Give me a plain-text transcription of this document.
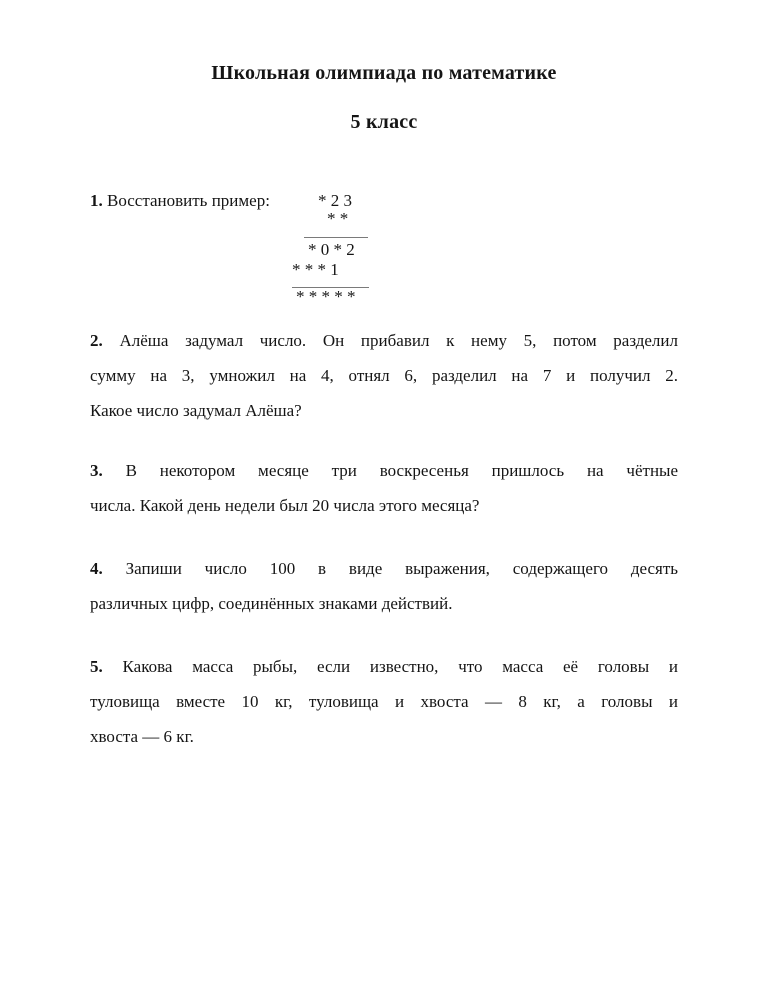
Школьная олимпиада по математике
5 класс
1. Восстановить пример:	* 2 3
* *
* 0 * 2
* * * 1
* * * * *
2. Алёша задумал число. Он прибавил к нему 5, потом разделил
сумму на 3, умножил на 4, отнял 6, разделил на 7 и получил 2.
Какое число задумал Алёша?
3. В некотором месяце три воскресенья пришлось на чётные
числа. Какой день недели был 20 числа этого месяца?
4. Запиши число 100 в виде выражения, содержащего десять
различных цифр, соединённых знаками действий.
5. Какова масса рыбы, если известно, что масса её головы и
туловища вместе 10 кг, туловища и хвоста — 8 кг, а головы и
хвоста — 6 кг.
